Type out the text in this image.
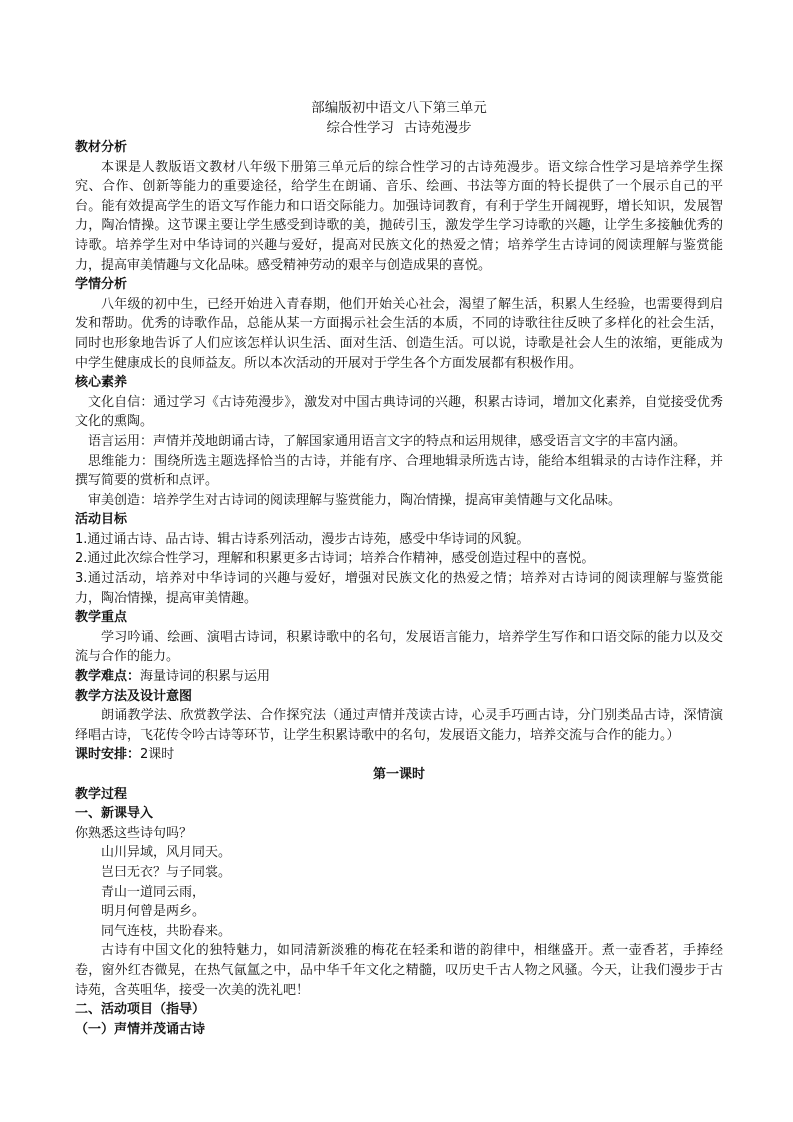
部编版初中语文八下第三单元

综合性学习 古诗苑漫步

教材分析

本课是人教版语文教材八年级下册第三单元后的综合性学习的古诗苑漫步。语文综合性学习是培养学生探究、合作、创新等能力的重要途径，给学生在朗诵、音乐、绘画、书法等方面的特长提供了一个展示自己的平台。能有效提高学生的语文写作能力和口语交际能力。加强诗词教育，有利于学生开阔视野，增长知识，发展智力，陶冶情操。这节课主要让学生感受到诗歌的美，抛砖引玉，激发学生学习诗歌的兴趣，让学生多接触优秀的诗歌。培养学生对中华诗词的兴趣与爱好，提高对民族文化的热爱之情；培养学生古诗词的阅读理解与鉴赏能力，提高审美情趣与文化品味。感受精神劳动的艰辛与创造成果的喜悦。

学情分析

八年级的初中生，已经开始进入青春期，他们开始关心社会，渴望了解生活，积累人生经验，也需要得到启发和帮助。优秀的诗歌作品，总能从某一方面揭示社会生活的本质，不同的诗歌往往反映了多样化的社会生活，同时也形象地告诉了人们应该怎样认识生活、面对生活、创造生活。可以说，诗歌是社会人生的浓缩，更能成为中学生健康成长的良师益友。所以本次活动的开展对于学生各个方面发展都有积极作用。

核心素养

文化自信：通过学习《古诗苑漫步》，激发对中国古典诗词的兴趣，积累古诗词，增加文化素养，自觉接受优秀文化的熏陶。

语言运用：声情并茂地朗诵古诗，了解国家通用语言文字的特点和运用规律，感受语言文字的丰富内涵。

思维能力：围绕所选主题选择恰当的古诗，并能有序、合理地辑录所选古诗，能给本组辑录的古诗作注释，并撰写简要的赏析和点评。

审美创造：培养学生对古诗词的阅读理解与鉴赏能力，陶冶情操，提高审美情趣与文化品味。

活动目标

1.通过诵古诗、品古诗、辑古诗系列活动，漫步古诗苑，感受中华诗词的风貌。

2.通过此次综合性学习，理解和积累更多古诗词；培养合作精神，感受创造过程中的喜悦。

3.通过活动，培养对中华诗词的兴趣与爱好，增强对民族文化的热爱之情；培养对古诗词的阅读理解与鉴赏能力，陶冶情操，提高审美情趣。

教学重点

学习吟诵、绘画、演唱古诗词，积累诗歌中的名句，发展语言能力，培养学生写作和口语交际的能力以及交流与合作的能力。

教学难点：海量诗词的积累与运用

教学方法及设计意图

朗诵教学法、欣赏教学法、合作探究法（通过声情并茂读古诗，心灵手巧画古诗，分门别类品古诗，深情演绎唱古诗，飞花传令吟古诗等环节，让学生积累诗歌中的名句，发展语文能力，培养交流与合作的能力。）

课时安排：2课时

第一课时

教学过程

一、新课导入

你熟悉这些诗句吗？

山川异域，风月同天。

岂曰无衣？与子同裳。

青山一道同云雨，

明月何曾是两乡。

同气连枝，共盼春来。

古诗有中国文化的独特魅力，如同清新淡雅的梅花在轻柔和谐的韵律中，相继盛开。煮一壶香茗，手捧经卷，窗外红杏微晃，在热气氤氲之中，品中华千年文化之精髓，叹历史千古人物之风骚。今天，让我们漫步于古诗苑，含英咀华，接受一次美的洗礼吧！

二、活动项目（指导）

（一）声情并茂诵古诗
